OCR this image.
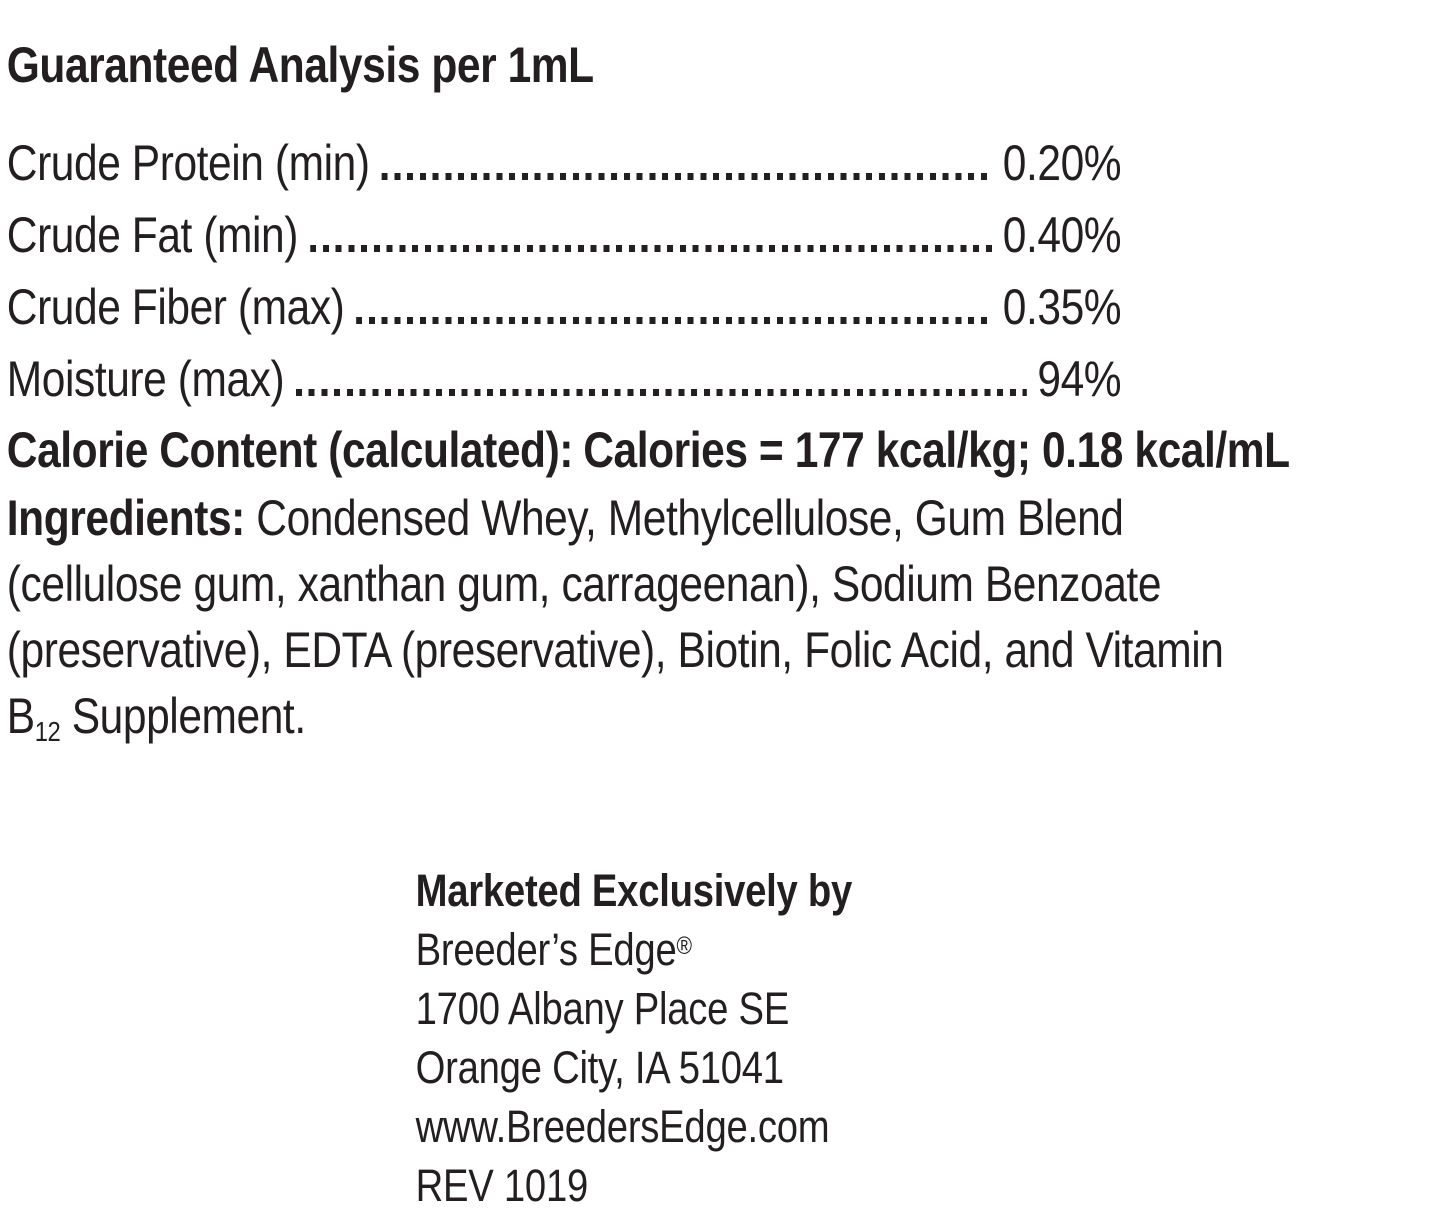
Guaranteed Analysis per 1mL
Crude Protein (min)	0.20%
Crude Fat (min)	0.40%
Crude Fiber (max)	0.35%
Moisture (max)	94%
Calorie Content (calculated): Calories = 177 kcal/kg; 0.18 kcal/mL
Ingredients: Condensed Whey, Methylcellulose, Gum Blend
(cellulose gum, xanthan gum, carrageenan), Sodium Benzoate
(preservative), EDTA (preservative), Biotin, Folic Acid, and Vitamin
$B_{12}$ Supplement.
Marketed Exclusively by
Breeder’s Edge®
1700 Albany Place SE
Orange City, IA 51041
www.BreedersEdge.com
REV 1019
